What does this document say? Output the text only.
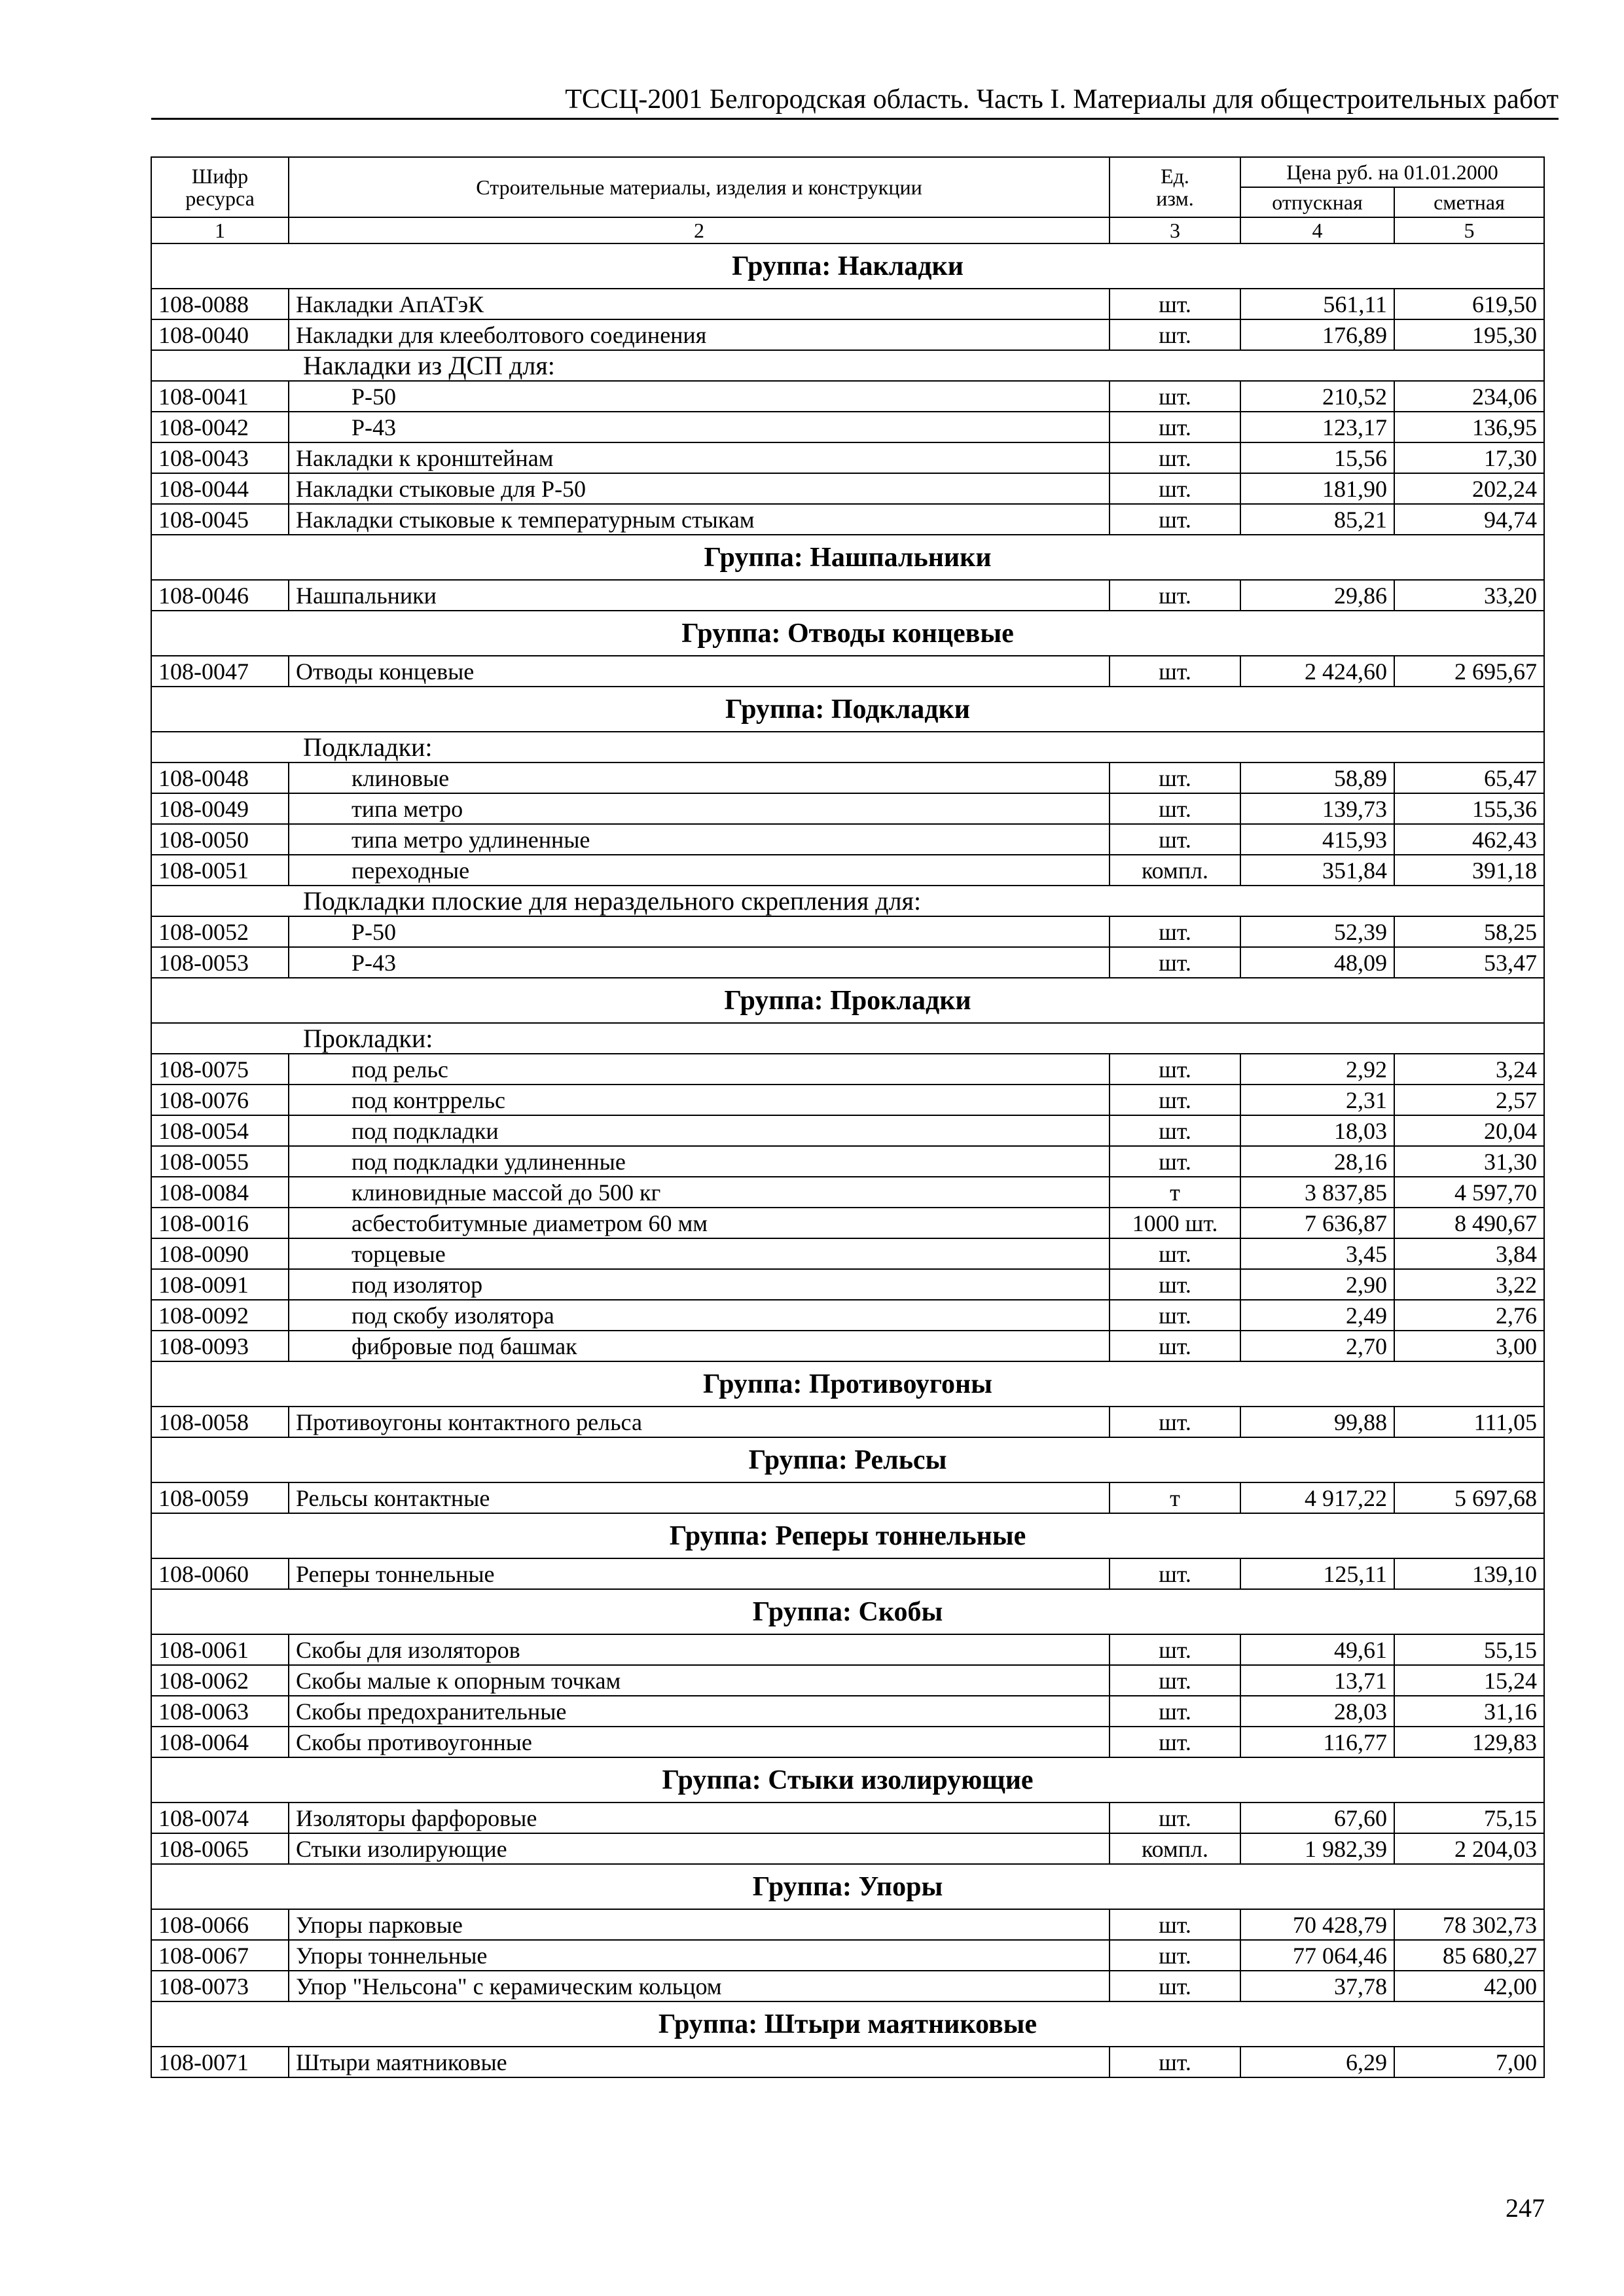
ТССЦ-2001 Белгородская область. Часть I. Материалы для общестроительных работ
Шифр ресурса	Строительные материалы, изделия и конструкции	Ед. изм.	Цена руб. на 01.01.2000	
			отпускная	сметная
1	2	3	4	5
Группа: Накладки				
108-0088	Накладки АпАТэК	шт.	561,11	619,50
108-0040	Накладки для клееболтового соединения	шт.	176,89	195,30
	Накладки из ДСП для:			
108-0041	Р-50	шт.	210,52	234,06
108-0042	Р-43	шт.	123,17	136,95
108-0043	Накладки к кронштейнам	шт.	15,56	17,30
108-0044	Накладки стыковые для Р-50	шт.	181,90	202,24
108-0045	Накладки стыковые к температурным стыкам	шт.	85,21	94,74
Группа: Нашпальники				
108-0046	Нашпальники	шт.	29,86	33,20
Группа: Отводы концевые				
108-0047	Отводы концевые	шт.	2 424,60	2 695,67
Группа: Подкладки				
	Подкладки:			
108-0048	клиновые	шт.	58,89	65,47
108-0049	типа метро	шт.	139,73	155,36
108-0050	типа метро удлиненные	шт.	415,93	462,43
108-0051	переходные	компл.	351,84	391,18
	Подкладки плоские для нераздельного скрепления для:			
108-0052	Р-50	шт.	52,39	58,25
108-0053	Р-43	шт.	48,09	53,47
Группа: Прокладки				
	Прокладки:			
108-0075	под рельс	шт.	2,92	3,24
108-0076	под контррельс	шт.	2,31	2,57
108-0054	под подкладки	шт.	18,03	20,04
108-0055	под подкладки удлиненные	шт.	28,16	31,30
108-0084	клиновидные массой до 500 кг	т	3 837,85	4 597,70
108-0016	асбестобитумные диаметром 60 мм	1000 шт.	7 636,87	8 490,67
108-0090	торцевые	шт.	3,45	3,84
108-0091	под изолятор	шт.	2,90	3,22
108-0092	под скобу изолятора	шт.	2,49	2,76
108-0093	фибровые под башмак	шт.	2,70	3,00
Группа: Противоугоны				
108-0058	Противоугоны контактного рельса	шт.	99,88	111,05
Группа: Рельсы				
108-0059	Рельсы контактные	т	4 917,22	5 697,68
Группа: Реперы тоннельные				
108-0060	Реперы тоннельные	шт.	125,11	139,10
Группа: Скобы				
108-0061	Скобы для изоляторов	шт.	49,61	55,15
108-0062	Скобы малые к опорным точкам	шт.	13,71	15,24
108-0063	Скобы предохранительные	шт.	28,03	31,16
108-0064	Скобы противоугонные	шт.	116,77	129,83
Группа: Стыки изолирующие				
108-0074	Изоляторы фарфоровые	шт.	67,60	75,15
108-0065	Стыки изолирующие	компл.	1 982,39	2 204,03
Группа: Упоры				
108-0066	Упоры парковые	шт.	70 428,79	78 302,73
108-0067	Упоры тоннельные	шт.	77 064,46	85 680,27
108-0073	Упор "Нельсона" с керамическим кольцом	шт.	37,78	42,00
Группа: Штыри маятниковые				
108-0071	Штыри маятниковые	шт.	6,29	7,00
247
